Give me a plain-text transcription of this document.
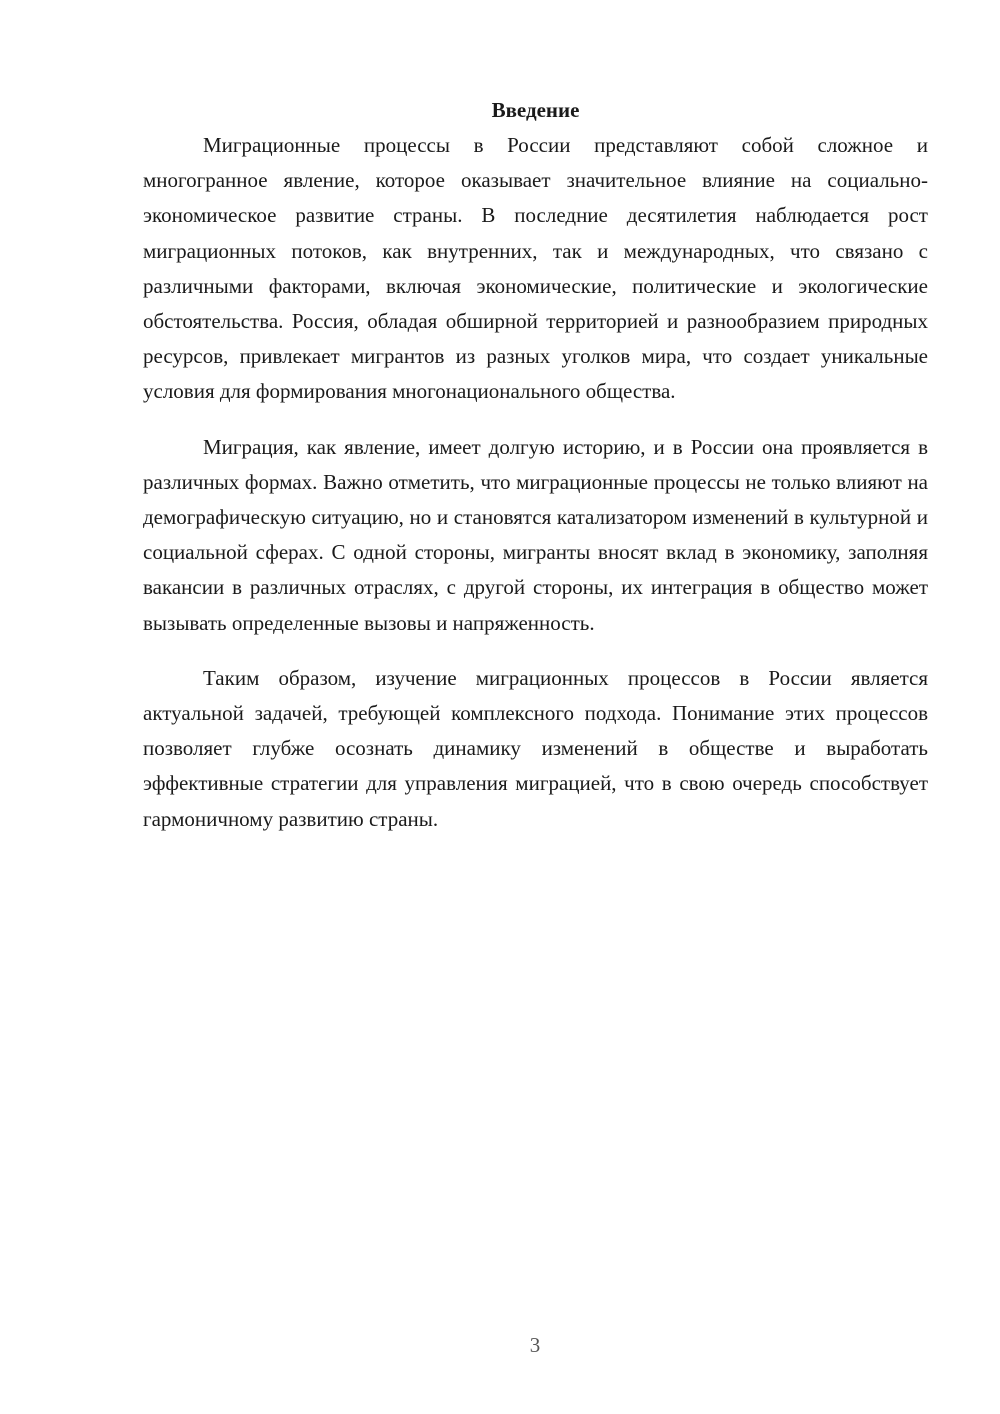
Введение

Миграционные процессы в России представляют собой сложное и многогранное явление, которое оказывает значительное влияние на социально-экономическое развитие страны. В последние десятилетия наблюдается рост миграционных потоков, как внутренних, так и международных, что связано с различными факторами, включая экономические, политические и экологические обстоятельства. Россия, обладая обширной территорией и разнообразием природных ресурсов, привлекает мигрантов из разных уголков мира, что создает уникальные условия для формирования многонационального общества.

Миграция, как явление, имеет долгую историю, и в России она проявляется в различных формах. Важно отметить, что миграционные процессы не только влияют на демографическую ситуацию, но и становятся катализатором изменений в культурной и социальной сферах. С одной стороны, мигранты вносят вклад в экономику, заполняя вакансии в различных отраслях, с другой стороны, их интеграция в общество может вызывать определенные вызовы и напряженность.

Таким образом, изучение миграционных процессов в России является актуальной задачей, требующей комплексного подхода. Понимание этих процессов позволяет глубже осознать динамику изменений в обществе и выработать эффективные стратегии для управления миграцией, что в свою очередь способствует гармоничному развитию страны.

3
